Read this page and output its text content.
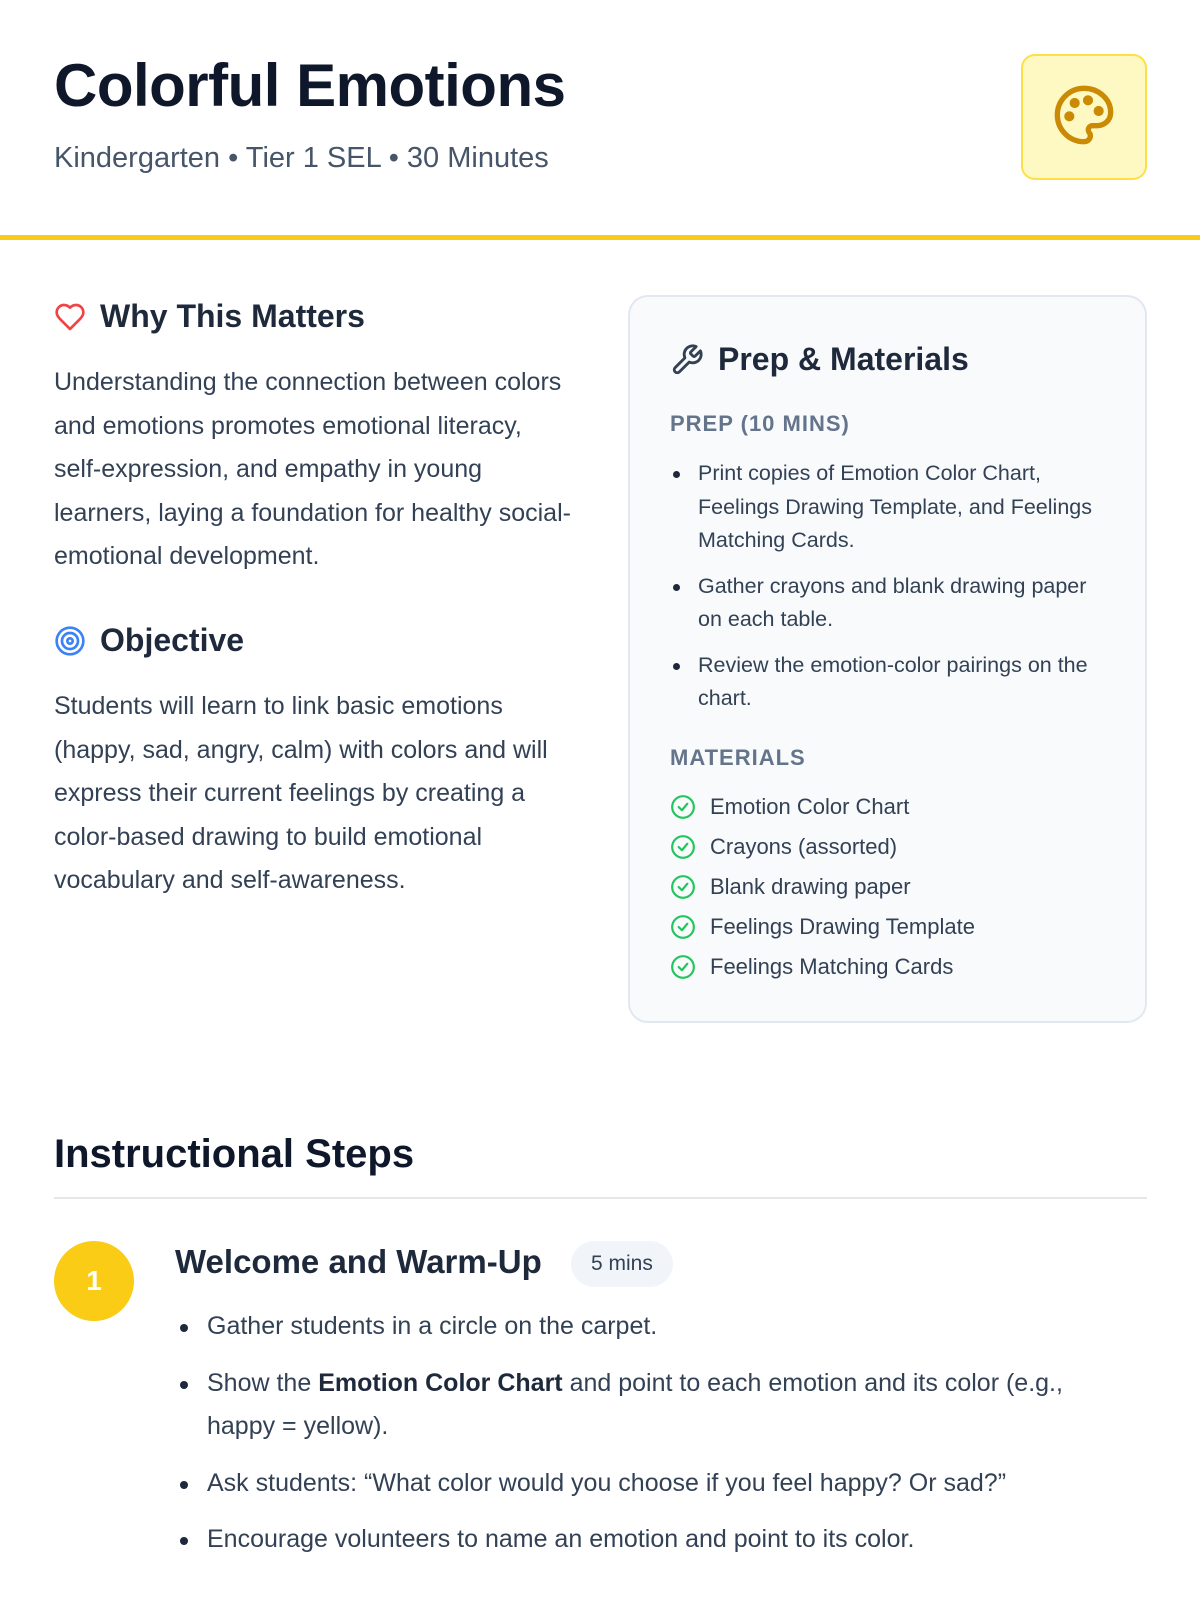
Colorful Emotions
Kindergarten • Tier 1 SEL • 30 Minutes
Why This Matters

Understanding the connection between colors and emotions promotes emotional literacy, self-expression, and empathy in young learners, laying a foundation for healthy social-emotional development.

Objective

Students will learn to link basic emotions (happy, sad, angry, calm) with colors and will express their current feelings by creating a color-based drawing to build emotional vocabulary and self-awareness.

Prep & Materials
PREP (10 MINS)
Print copies of Emotion Color Chart, Feelings Drawing Template, and Feelings Matching Cards.
Gather crayons and blank drawing paper on each table.
Review the emotion-color pairings on the chart.
MATERIALS
Emotion Color Chart
Crayons (assorted)
Blank drawing paper
Feelings Drawing Template
Feelings Matching Cards
Instructional Steps
1
Welcome and Warm-Up	5 mins
Gather students in a circle on the carpet.
Show the Emotion Color Chart and point to each emotion and its color (e.g., happy = yellow).
Ask students: “What color would you choose if you feel happy? Or sad?”
Encourage volunteers to name an emotion and point to its color.
